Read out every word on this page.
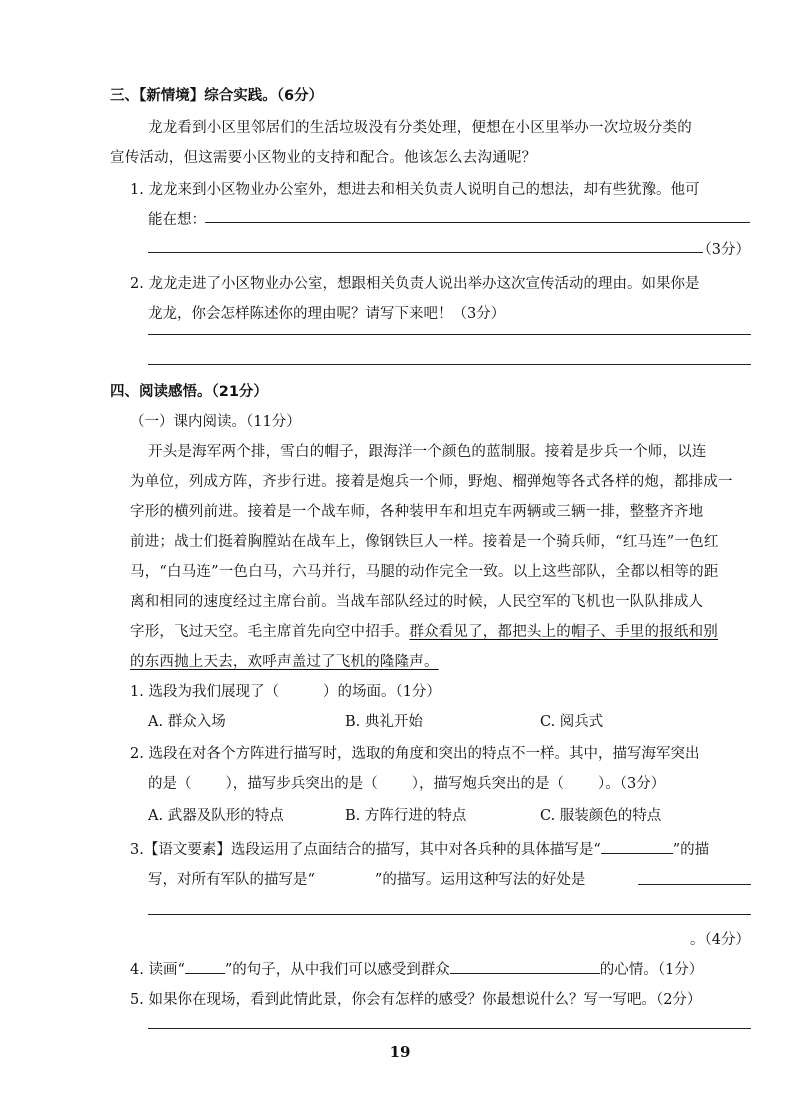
三、【新情境】综合实践。（6分）
龙龙看到小区里邻居们的生活垃圾没有分类处理，便想在小区里举办一次垃圾分类的
宣传活动，但这需要小区物业的支持和配合。他该怎么去沟通呢？
1. 龙龙来到小区物业办公室外，想进去和相关负责人说明自己的想法，却有些犹豫。他可
能在想：
（3分）
2. 龙龙走进了小区物业办公室，想跟相关负责人说出举办这次宣传活动的理由。如果你是
龙龙，你会怎样陈述你的理由呢？请写下来吧！（3分）
四、阅读感悟。（21分）
（一）课内阅读。（11分）
开头是海军两个排，雪白的帽子，跟海洋一个颜色的蓝制服。接着是步兵一个师，以连
为单位，列成方阵，齐步行进。接着是炮兵一个师，野炮、榴弹炮等各式各样的炮，都排成一
字形的横列前进。接着是一个战车师，各种装甲车和坦克车两辆或三辆一排，整整齐齐地
前进；战士们挺着胸膛站在战车上，像钢铁巨人一样。接着是一个骑兵师，“红马连”一色红
马，“白马连”一色白马，六马并行，马腿的动作完全一致。以上这些部队，全都以相等的距
离和相同的速度经过主席台前。当战车部队经过的时候，人民空军的飞机也一队队排成人
字形，飞过天空。毛主席首先向空中招手。群众看见了，都把头上的帽子、手里的报纸和别
的东西抛上天去，欢呼声盖过了飞机的隆隆声。
1. 选段为我们展现了（	）的场面。（1分）
A. 群众入场	B. 典礼开始	C. 阅兵式
2. 选段在对各个方阵进行描写时，选取的角度和突出的特点不一样。其中，描写海军突出
的是（ ），描写步兵突出的是（ ），描写炮兵突出的是（ ）。（3分）
A. 武器及队形的特点	B. 方阵行进的特点	C. 服装颜色的特点
3.【语文要素】选段运用了点面结合的描写，其中对各兵种的具体描写是“	”的描
写，对所有军队的描写是“	”的描写。运用这种写法的好处是
。（4分）
4. 读画“	”的句子，从中我们可以感受到群众	的心情。（1分）
5. 如果你在现场，看到此情此景，你会有怎样的感受？你最想说什么？写一写吧。（2分）
19
